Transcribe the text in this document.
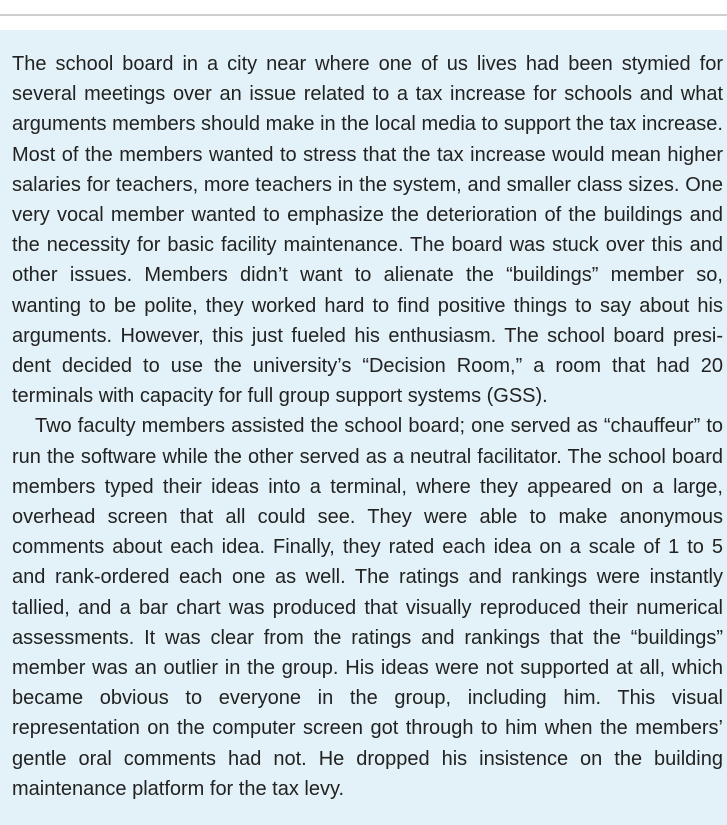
The school board in a city near where one of us lives had been stymied for several meetings over an issue related to a tax increase for schools and what arguments members should make in the local media to support the tax increase. Most of the members wanted to stress that the tax increase would mean higher salaries for teachers, more teachers in the system, and smaller class sizes. One very vocal member wanted to emphasize the deterioration of the buildings and the necessity for basic facility maintenance. The board was stuck over this and other issues. Members didn’t want to alienate the “buildings” member so, wanting to be polite, they worked hard to find positive things to say about his arguments. However, this just fueled his enthusiasm. The school board president decided to use the university’s “Decision Room,” a room that had 20 terminals with capacity for full group support systems (GSS).

Two faculty members assisted the school board; one served as “chauffeur” to run the software while the other served as a neutral facilitator. The school board members typed their ideas into a terminal, where they appeared on a large, overhead screen that all could see. They were able to make anonymous comments about each idea. Finally, they rated each idea on a scale of 1 to 5 and rank-ordered each one as well. The ratings and rankings were instantly tallied, and a bar chart was produced that visually reproduced their numerical assessments. It was clear from the ratings and rankings that the “buildings” member was an outlier in the group. His ideas were not supported at all, which became obvious to everyone in the group, including him. This visual representation on the computer screen got through to him when the members’ gentle oral comments had not. He dropped his insistence on the building maintenance platform for the tax levy.
